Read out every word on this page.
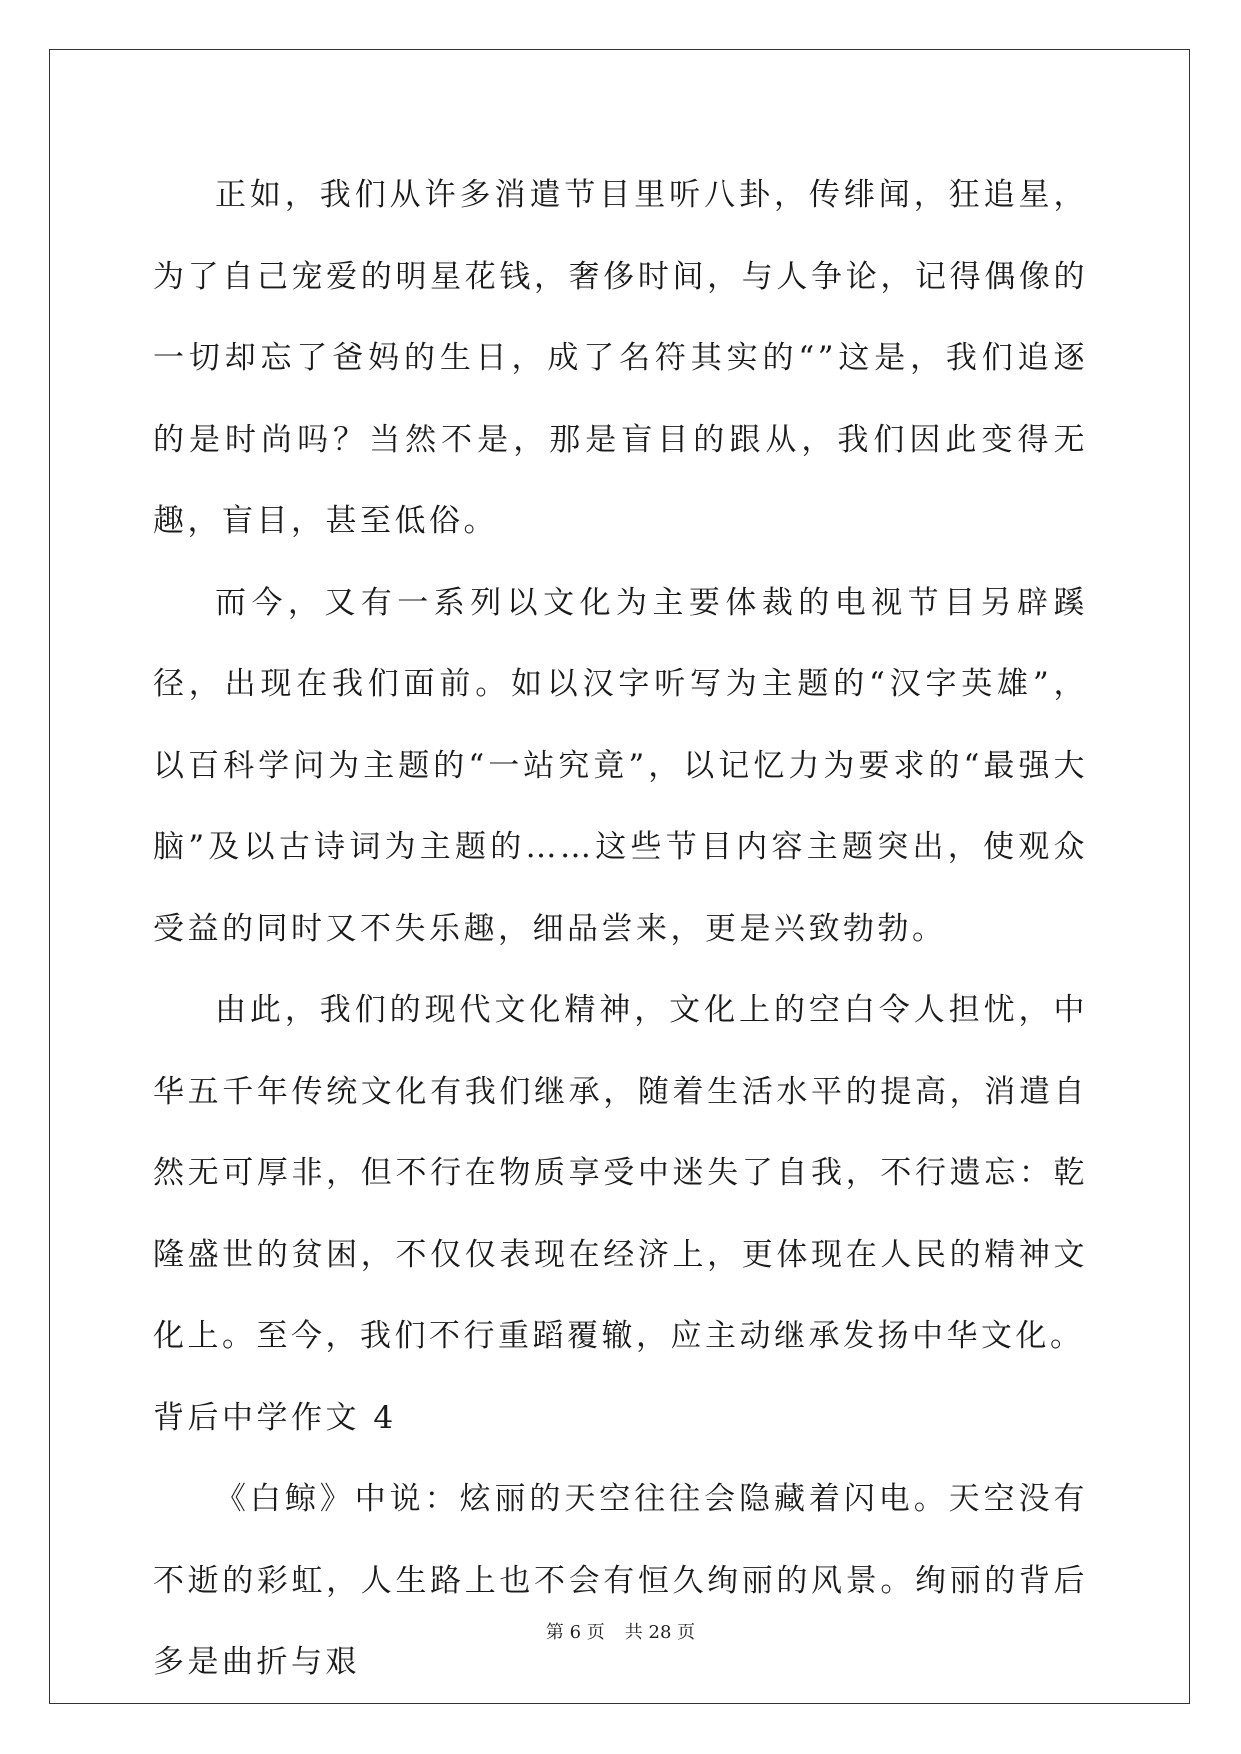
正如，我们从许多消遣节目里听八卦，传绯闻，狂追星，为了自己宠爱的明星花钱，奢侈时间，与人争论，记得偶像的一切却忘了爸妈的生日，成了名符其实的“”这是，我们追逐的是时尚吗？当然不是，那是盲目的跟从，我们因此变得无趣，盲目，甚至低俗。

而今，又有一系列以文化为主要体裁的电视节目另辟蹊径，出现在我们面前。如以汉字听写为主题的“汉字英雄”，以百科学问为主题的“一站究竟”，以记忆力为要求的“最强大脑”及以古诗词为主题的……这些节目内容主题突出，使观众受益的同时又不失乐趣，细品尝来，更是兴致勃勃。

由此，我们的现代文化精神，文化上的空白令人担忧，中华五千年传统文化有我们继承，随着生活水平的提高，消遣自然无可厚非，但不行在物质享受中迷失了自我，不行遗忘：乾隆盛世的贫困，不仅仅表现在经济上，更体现在人民的精神文化上。至今，我们不行重蹈覆辙，应主动继承发扬中华文化。

背后中学作文 4

《白鲸》中说：炫丽的天空往往会隐藏着闪电。天空没有不逝的彩虹，人生路上也不会有恒久绚丽的风景。绚丽的背后多是曲折与艰

第 6 页 共 28 页
